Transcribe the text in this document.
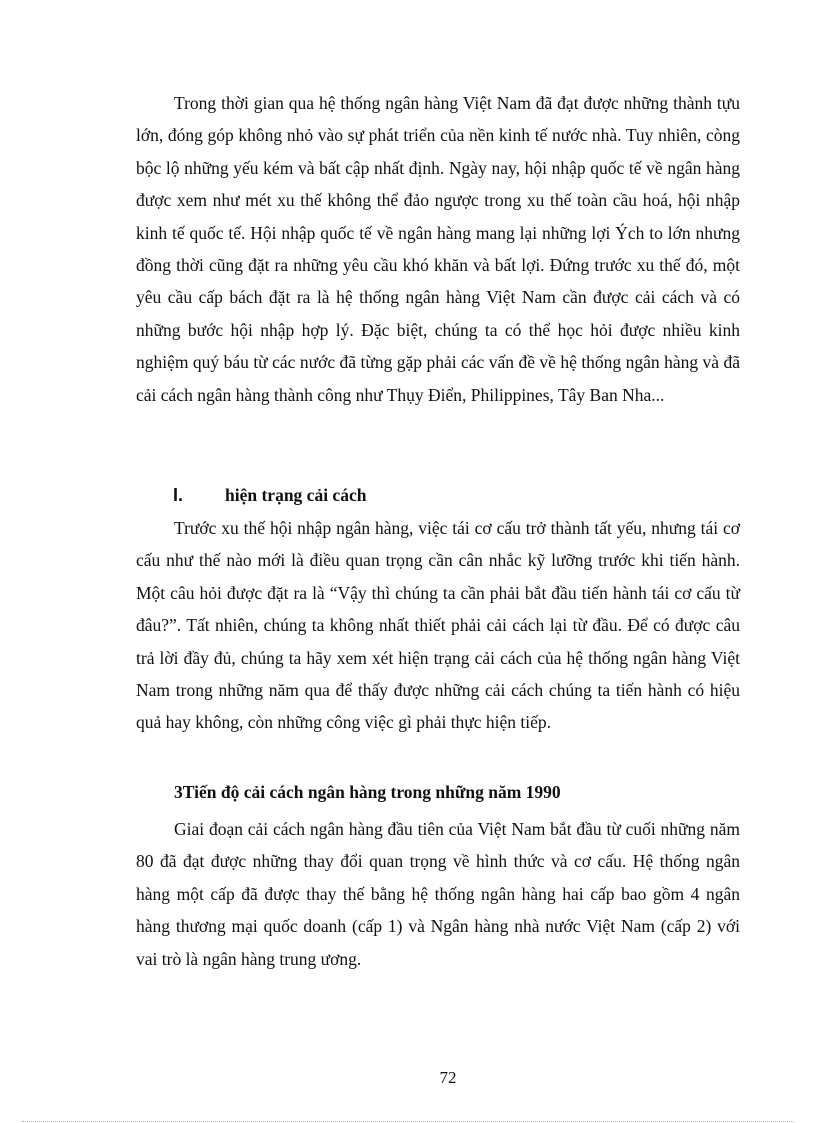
Trong thời gian qua hệ thống ngân hàng Việt Nam đã đạt được những thành tựu lớn, đóng góp không nhỏ vào sự phát triển của nền kinh tế nước nhà. Tuy nhiên, còng bộc lộ những yếu kém và bất cập nhất định. Ngày nay, hội nhập quốc tế về ngân hàng được xem như mét xu thế không thể đảo ngược trong xu thế toàn cầu hoá, hội nhập kinh tế quốc tế. Hội nhập quốc tế về ngân hàng mang lại những lợi Ých to lớn nhưng đồng thời cũng đặt ra những yêu cầu khó khăn và bất lợi. Đứng trước xu thế đó, một yêu cầu cấp bách đặt ra là hệ thống ngân hàng Việt Nam cần được cải cách và có những bước hội nhập hợp lý. Đặc biệt, chúng ta có thể học hỏi được nhiều kinh nghiệm quý báu từ các nước đã từng gặp phải các vấn đề về hệ thống ngân hàng và đã cải cách ngân hàng thành công như Thụy Điển, Philippines, Tây Ban Nha...

I. hiện trạng cải cách

Trước xu thế hội nhập ngân hàng, việc tái cơ cấu trở thành tất yếu, nhưng tái cơ cấu như thế nào mới là điều quan trọng cần cân nhắc kỹ lưỡng trước khi tiến hành. Một câu hỏi được đặt ra là “Vậy thì chúng ta cần phải bắt đầu tiến hành tái cơ cấu từ đâu?”. Tất nhiên, chúng ta không nhất thiết phải cải cách lại từ đầu. Để có được câu trả lời đầy đủ, chúng ta hãy xem xét hiện trạng cải cách của hệ thống ngân hàng Việt Nam trong những năm qua để thấy được những cải cách chúng ta tiến hành có hiệu quả hay không, còn những công việc gì phải thực hiện tiếp.

3Tiến độ cải cách ngân hàng trong những năm 1990

Giai đoạn cải cách ngân hàng đầu tiên của Việt Nam bắt đầu từ cuối những năm 80 đã đạt được những thay đổi quan trọng về hình thức và cơ cấu. Hệ thống ngân hàng một cấp đã được thay thế bằng hệ thống ngân hàng hai cấp bao gồm 4 ngân hàng thương mại quốc doanh (cấp 1) và Ngân hàng nhà nước Việt Nam (cấp 2) với vai trò là ngân hàng trung ương.

72
